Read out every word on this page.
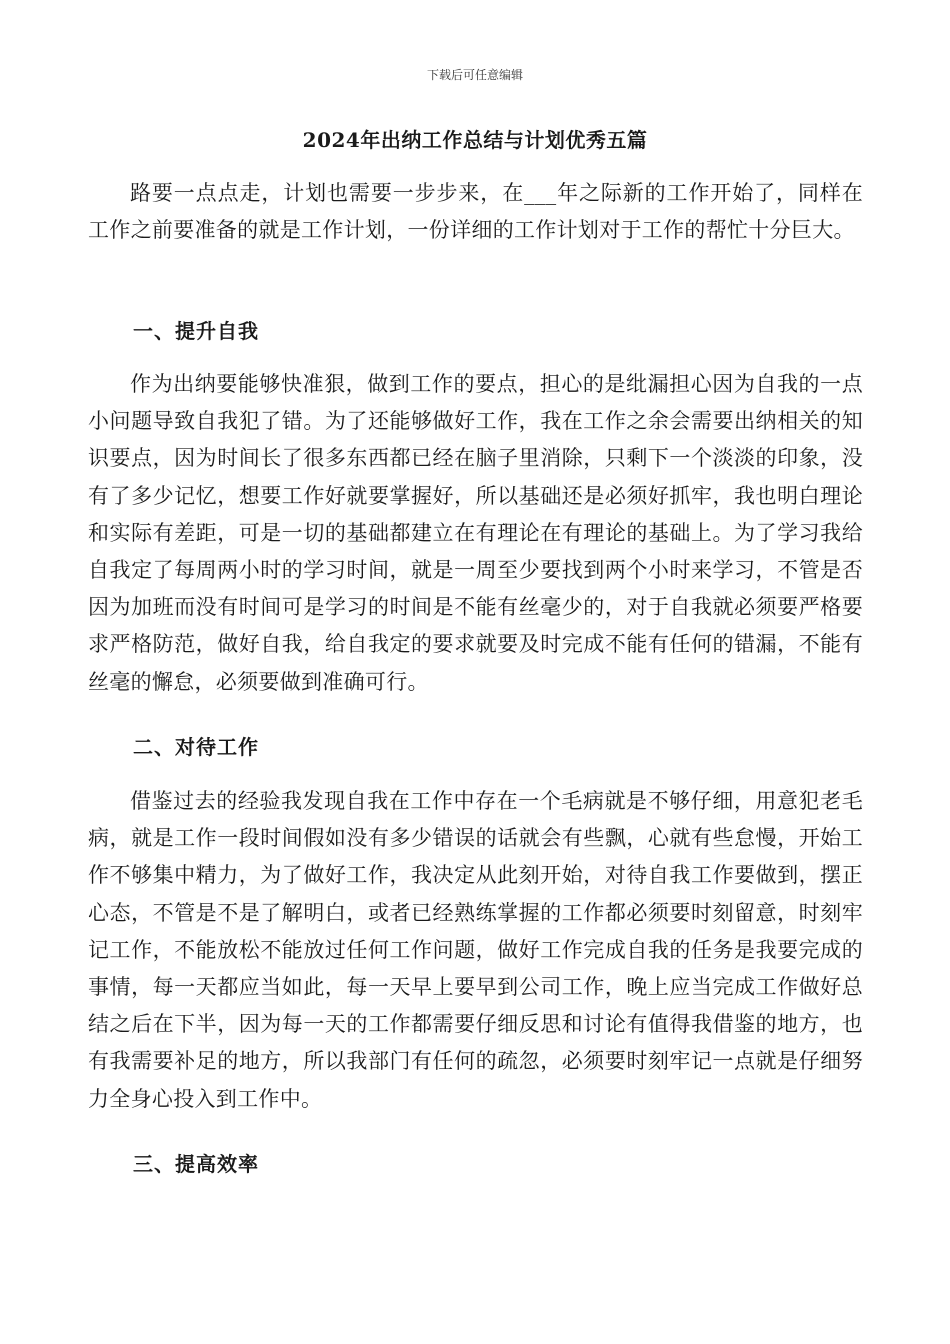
下载后可任意编辑
2024年出纳工作总结与计划优秀五篇

路要一点点走，计划也需要一步步来，在___年之际新的工作开始了，同样在工作之前要准备的就是工作计划，一份详细的工作计划对于工作的帮忙十分巨大。

一、提升自我

作为出纳要能够快准狠，做到工作的要点，担心的是纰漏担心因为自我的一点小问题导致自我犯了错。为了还能够做好工作，我在工作之余会需要出纳相关的知识要点，因为时间长了很多东西都已经在脑子里消除，只剩下一个淡淡的印象，没有了多少记忆，想要工作好就要掌握好，所以基础还是必须好抓牢，我也明白理论和实际有差距，可是一切的基础都建立在有理论在有理论的基础上。为了学习我给自我定了每周两小时的学习时间，就是一周至少要找到两个小时来学习，不管是否因为加班而没有时间可是学习的时间是不能有丝毫少的，对于自我就必须要严格要求严格防范，做好自我，给自我定的要求就要及时完成不能有任何的错漏，不能有丝毫的懈怠，必须要做到准确可行。

二、对待工作

借鉴过去的经验我发现自我在工作中存在一个毛病就是不够仔细，用意犯老毛病，就是工作一段时间假如没有多少错误的话就会有些飘，心就有些怠慢，开始工作不够集中精力，为了做好工作，我决定从此刻开始，对待自我工作要做到，摆正心态，不管是不是了解明白，或者已经熟练掌握的工作都必须要时刻留意，时刻牢记工作，不能放松不能放过任何工作问题，做好工作完成自我的任务是我要完成的事情，每一天都应当如此，每一天早上要早到公司工作，晚上应当完成工作做好总结之后在下半，因为每一天的工作都需要仔细反思和讨论有值得我借鉴的地方，也有我需要补足的地方，所以我部门有任何的疏忽，必须要时刻牢记一点就是仔细努力全身心投入到工作中。

三、提高效率
